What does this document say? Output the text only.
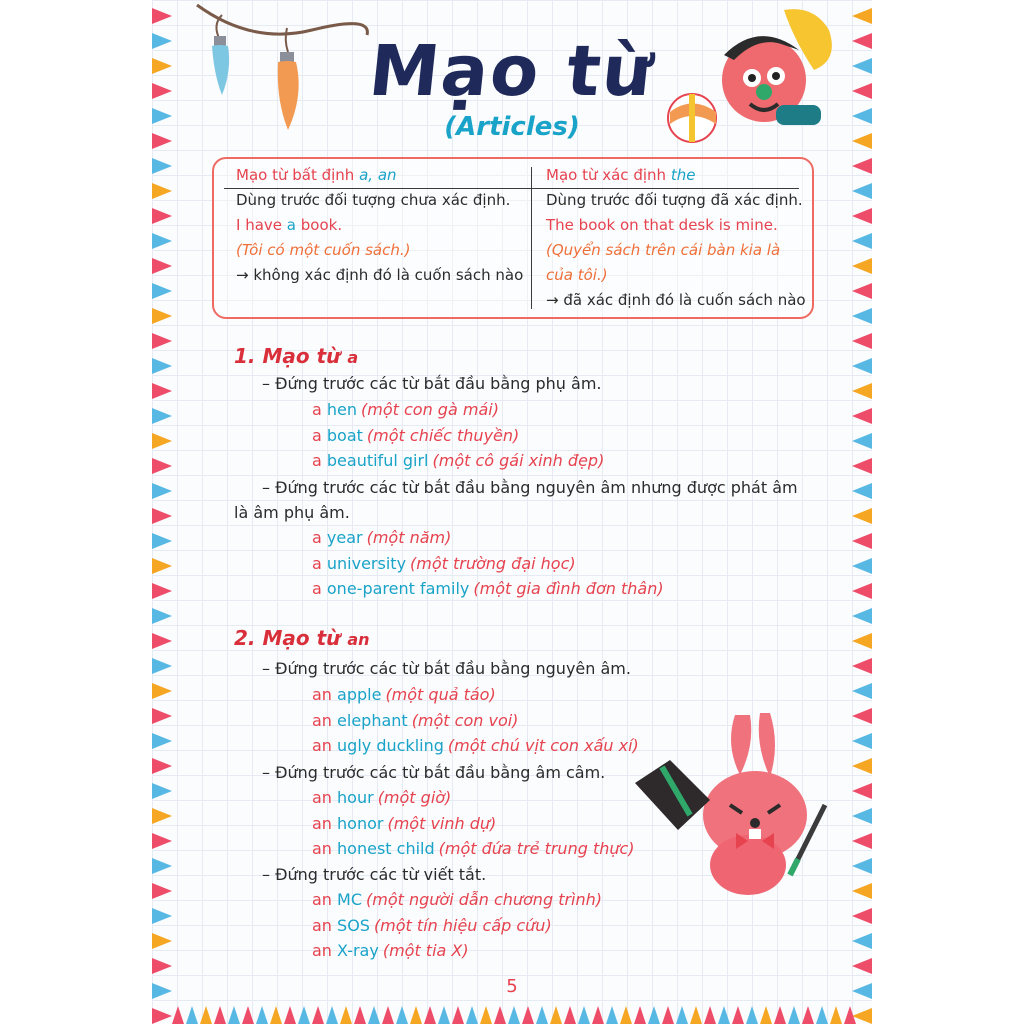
Mạo từ
(Articles)
Mạo từ bất định a, an
Dùng trước đối tượng chưa xác định.
I have a book.
(Tôi có một cuốn sách.)
→ không xác định đó là cuốn sách nào
Mạo từ xác định the
Dùng trước đối tượng đã xác định.
The book on that desk is mine.
(Quyển sách trên cái bàn kia là
của tôi.)
→ đã xác định đó là cuốn sách nào
1. Mạo từ a
– Đứng trước các từ bắt đầu bằng phụ âm.
a hen (một con gà mái)
a boat (một chiếc thuyền)
a beautiful girl (một cô gái xinh đẹp)
– Đứng trước các từ bắt đầu bằng nguyên âm nhưng được phát âm
là âm phụ âm.
a year (một năm)
a university (một trường đại học)
a one-parent family (một gia đình đơn thân)
2. Mạo từ an
– Đứng trước các từ bắt đầu bằng nguyên âm.
an apple (một quả táo)
an elephant (một con voi)
an ugly duckling (một chú vịt con xấu xí)
– Đứng trước các từ bắt đầu bằng âm câm.
an hour (một giờ)
an honor (một vinh dự)
an honest child (một đứa trẻ trung thực)
– Đứng trước các từ viết tắt.
an MC (một người dẫn chương trình)
an SOS (một tín hiệu cấp cứu)
an X-ray (một tia X)
5
